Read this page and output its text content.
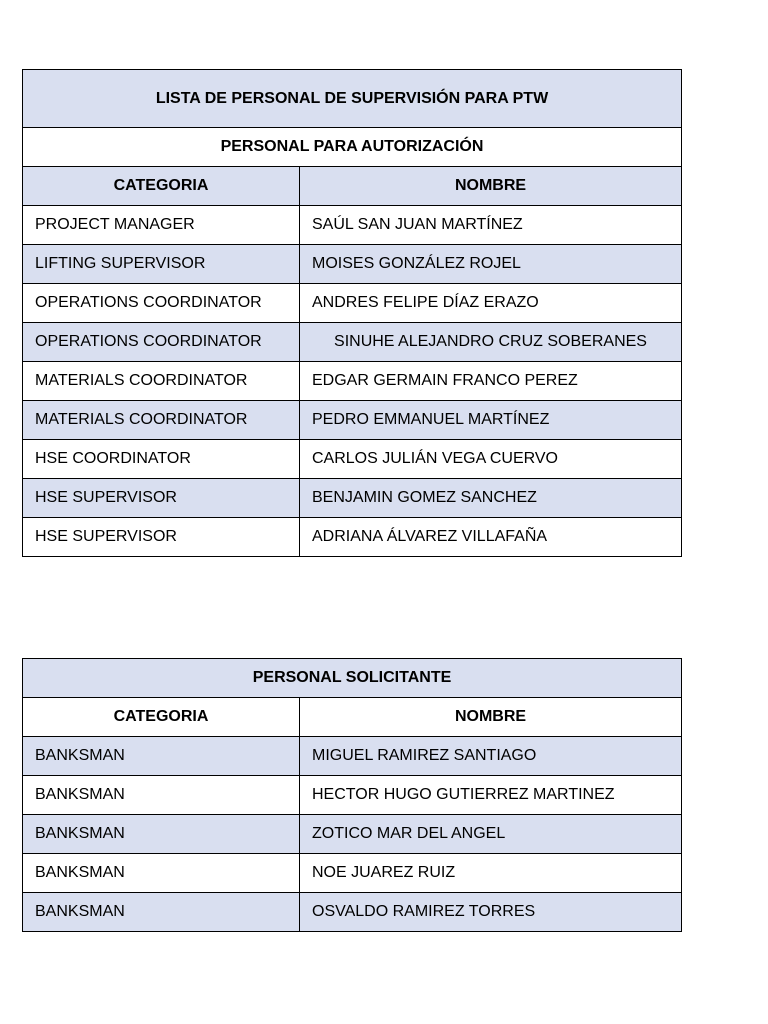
LISTA DE PERSONAL DE SUPERVISIÓN PARA PTW	
PERSONAL PARA AUTORIZACIÓN	
CATEGORIA	NOMBRE
PROJECT MANAGER	SAÚL SAN JUAN MARTÍNEZ
LIFTING SUPERVISOR	MOISES GONZÁLEZ ROJEL
OPERATIONS COORDINATOR	ANDRES FELIPE DÍAZ ERAZO
OPERATIONS COORDINATOR	SINUHE ALEJANDRO CRUZ SOBERANES
MATERIALS COORDINATOR	EDGAR GERMAIN FRANCO PEREZ
MATERIALS COORDINATOR	PEDRO EMMANUEL MARTÍNEZ
HSE COORDINATOR	CARLOS JULIÁN VEGA CUERVO
HSE SUPERVISOR	BENJAMIN GOMEZ SANCHEZ
HSE SUPERVISOR	ADRIANA ÁLVAREZ VILLAFAÑA
PERSONAL SOLICITANTE	
CATEGORIA	NOMBRE
BANKSMAN	MIGUEL RAMIREZ SANTIAGO
BANKSMAN	HECTOR HUGO GUTIERREZ MARTINEZ
BANKSMAN	ZOTICO MAR DEL ANGEL
BANKSMAN	NOE JUAREZ RUIZ
BANKSMAN	OSVALDO RAMIREZ TORRES
